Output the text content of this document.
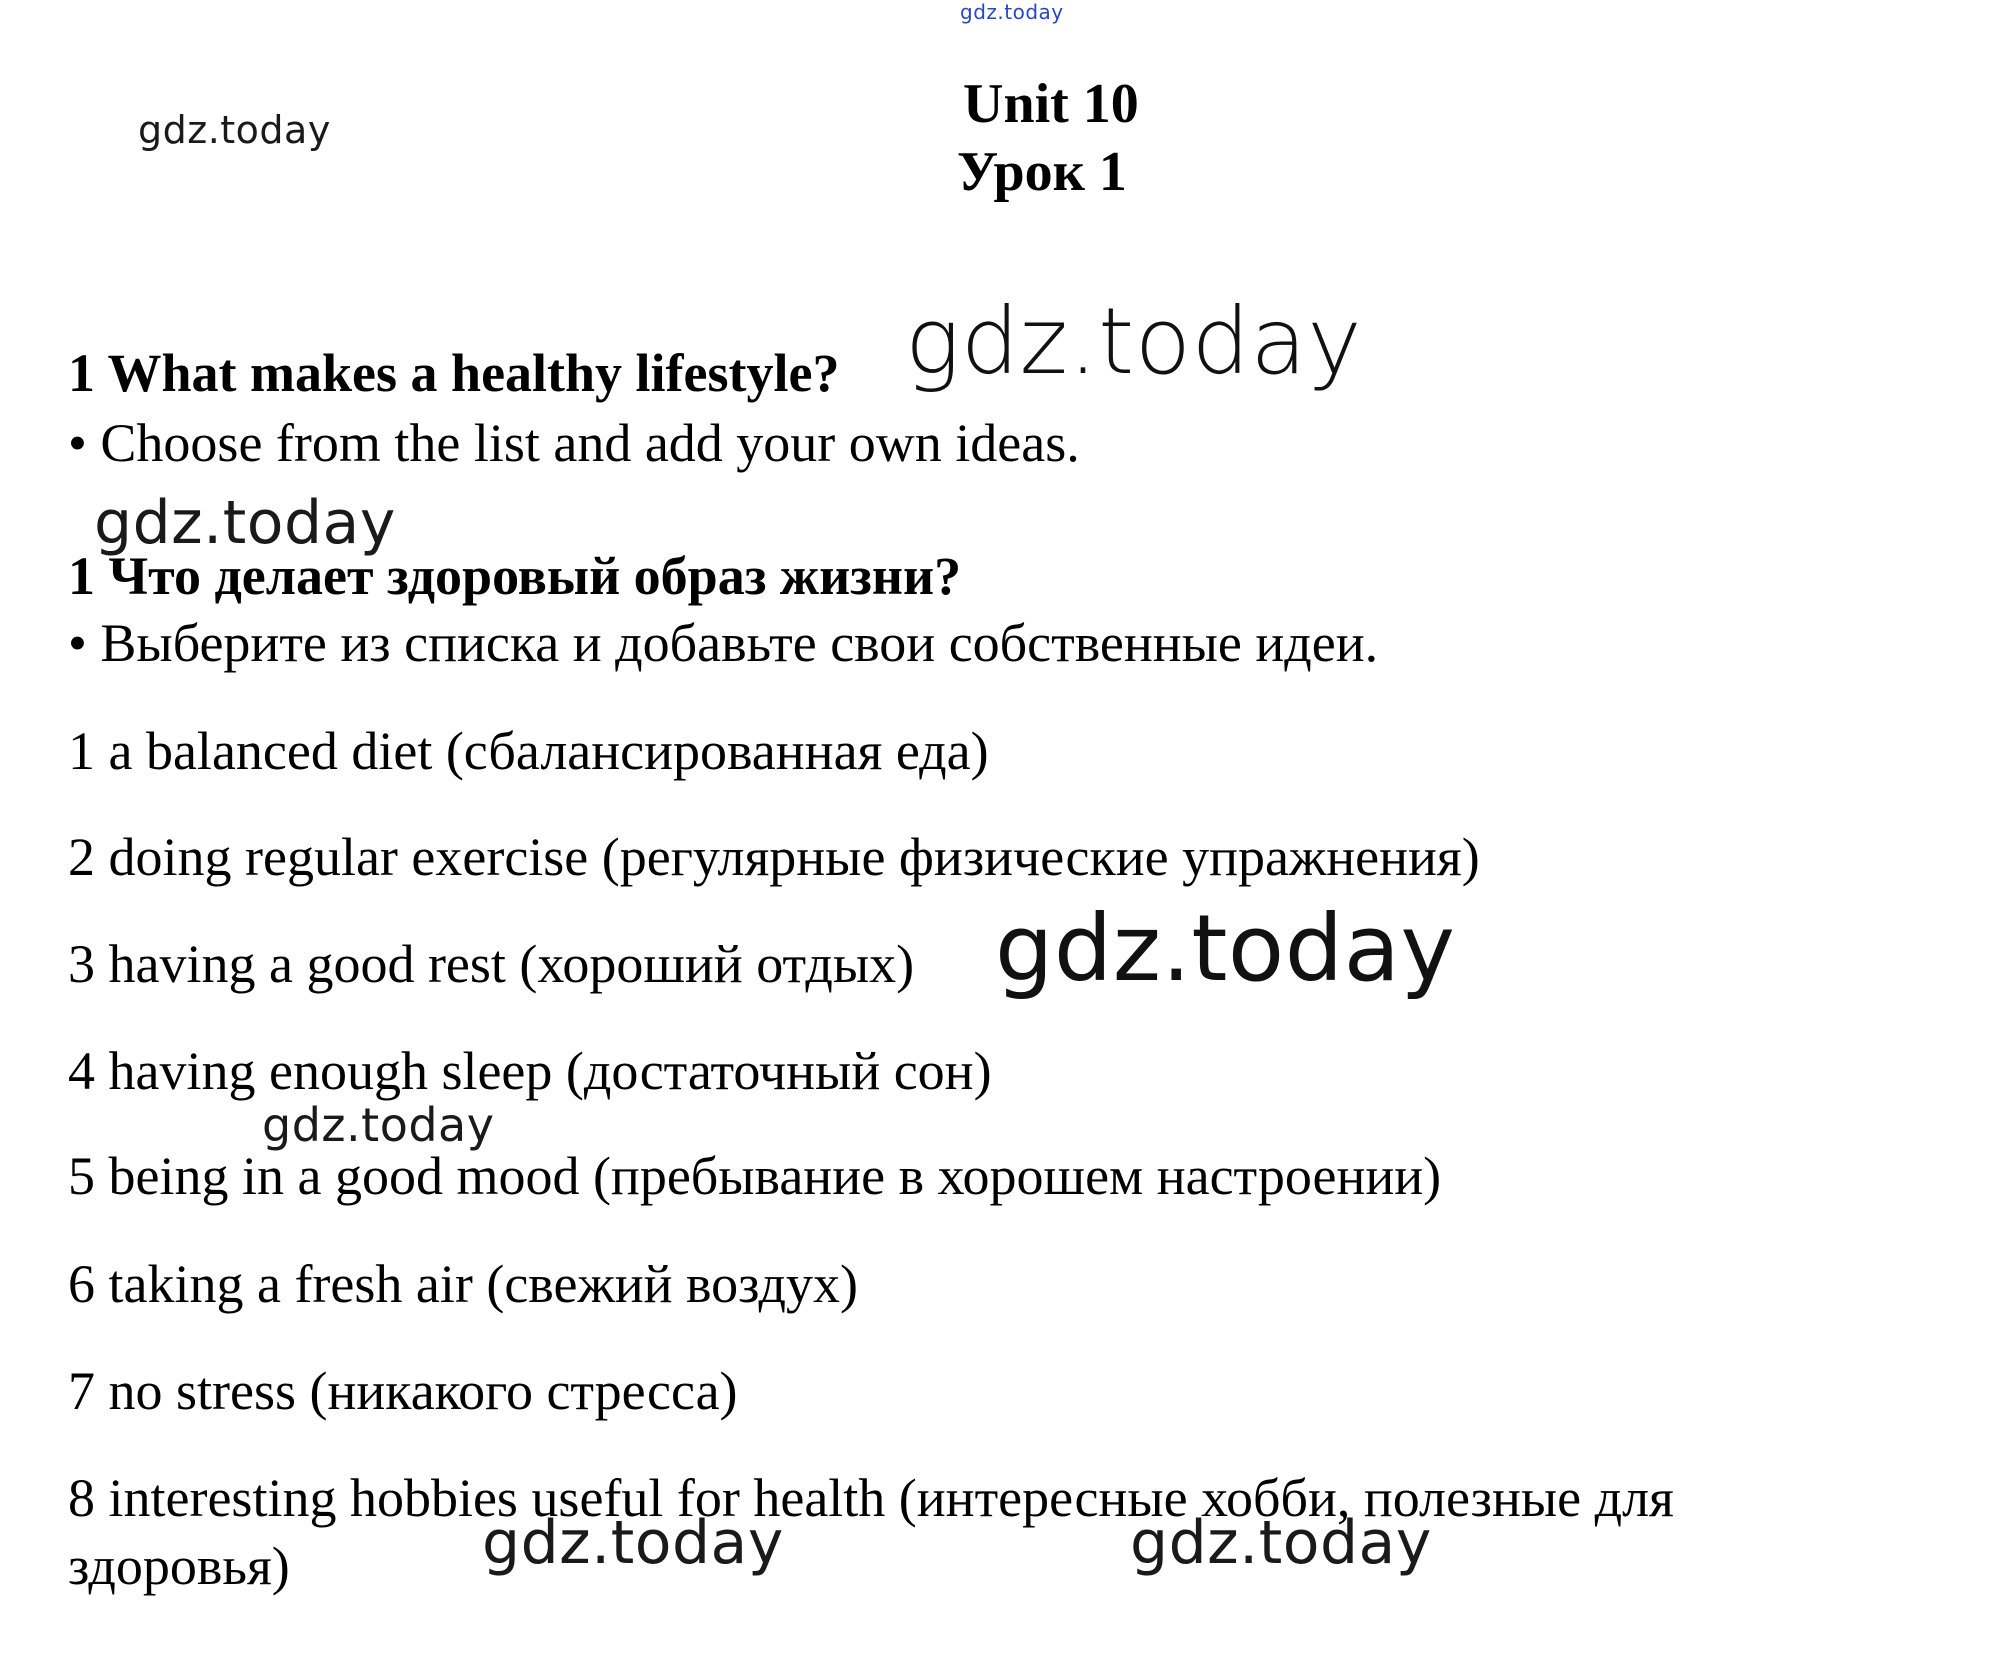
gdz.today
gdz.today
gdz.today
gdz.today
gdz.today
gdz.today
gdz.today	gdz.today
Unit 10
Урок 1
1 What makes a healthy lifestyle?
• Choose from the list and add your own ideas.
1 Что делает здоровый образ жизни?
• Выберите из списка и добавьте свои собственные идеи.
1 a balanced diet (сбалансированная еда)
2 doing regular exercise (регулярные физические упражнения)
3 having a good rest (хороший отдых)
4 having enough sleep (достаточный сон)
5 being in a good mood (пребывание в хорошем настроении)
6 taking a fresh air (свежий воздух)
7 no stress (никакого стресса)
8 interesting hobbies useful for health (интересные хобби, полезные для
здоровья)
